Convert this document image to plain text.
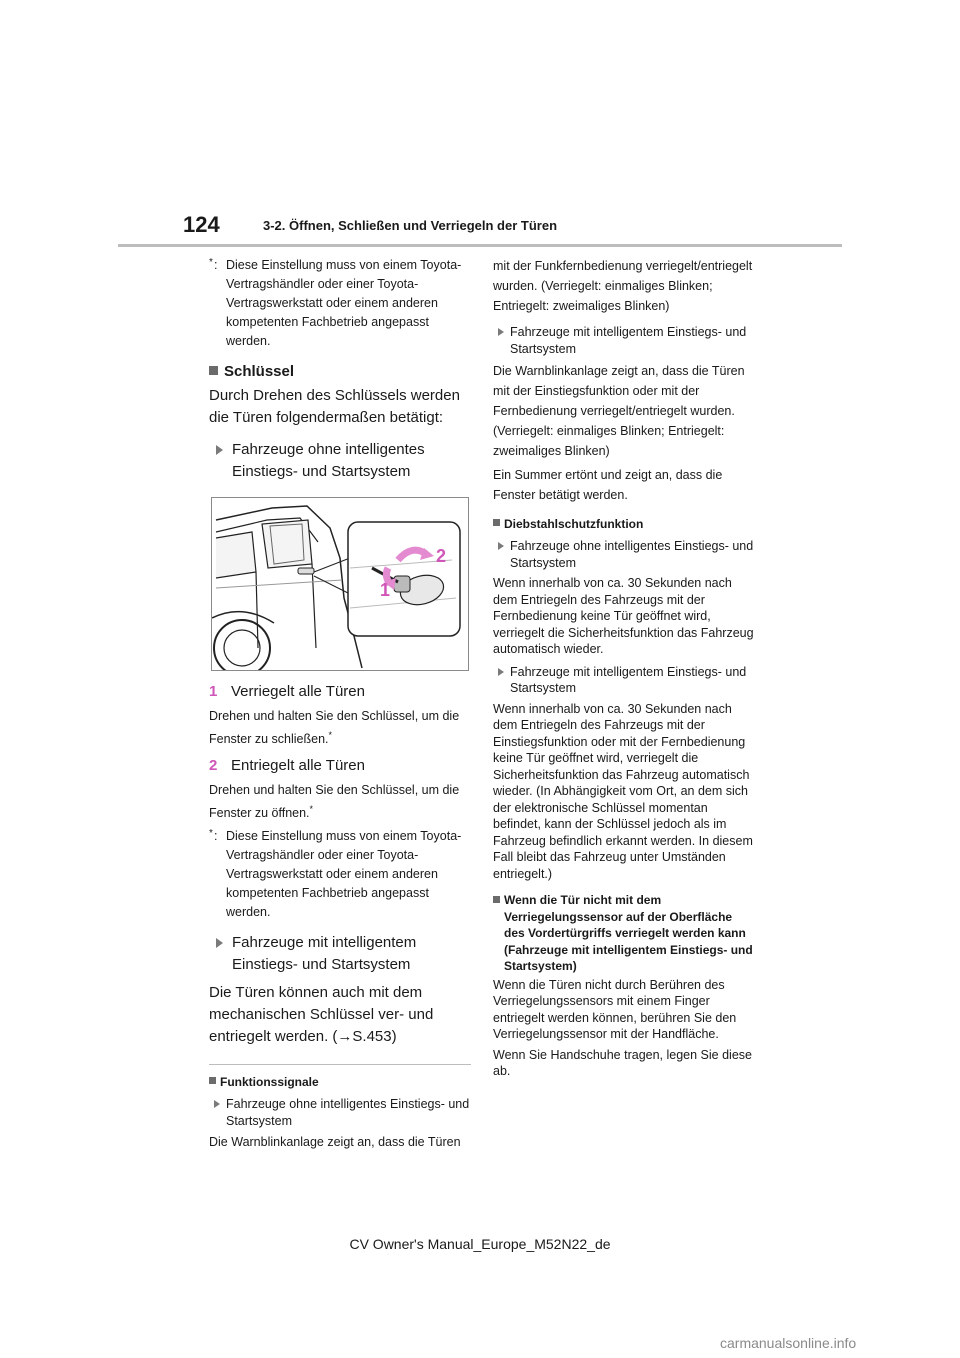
124	3-2. Öffnen, Schließen und Verriegeln der Türen
* : Diese Einstellung muss von einem Toyota-Vertragshändler oder einer Toyota-Vertragswerkstatt oder einem anderen kompetenten Fachbetrieb angepasst werden.
Schlüssel

Durch Drehen des Schlüssels werden die Türen folgendermaßen betätigt:

Fahrzeuge ohne intelligentes Einstiegs- und Startsystem
2
1
1 Verriegelt alle Türen

Drehen und halten Sie den Schlüssel, um die Fenster zu schließen.*

2 Entriegelt alle Türen

Drehen und halten Sie den Schlüssel, um die Fenster zu öffnen.*

* : Diese Einstellung muss von einem Toyota-Vertragshändler oder einer Toyota-Vertragswerkstatt oder einem anderen kompetenten Fachbetrieb angepasst werden.
Fahrzeuge mit intelligentem Einstiegs- und Startsystem

Die Türen können auch mit dem mechanischen Schlüssel ver- und entriegelt werden. (→S.453)

Funktionssignale
Fahrzeuge ohne intelligentes Einstiegs- und Startsystem

Die Warnblinkanlage zeigt an, dass die Türen

mit der Funkfernbedienung verriegelt/entriegelt wurden. (Verriegelt: einmaliges Blinken; Entriegelt: zweimaliges Blinken)

Fahrzeuge mit intelligentem Einstiegs- und Startsystem

Die Warnblinkanlage zeigt an, dass die Türen mit der Einstiegsfunktion oder mit der Fernbedienung verriegelt/entriegelt wurden. (Verriegelt: einmaliges Blinken; Entriegelt: zweimaliges Blinken)

Ein Summer ertönt und zeigt an, dass die Fenster betätigt werden.

Diebstahlschutzfunktion
Fahrzeuge ohne intelligentes Einstiegs- und Startsystem

Wenn innerhalb von ca. 30 Sekunden nach dem Entriegeln des Fahrzeugs mit der Fernbedienung keine Tür geöffnet wird, verriegelt die Sicherheitsfunktion das Fahrzeug automatisch wieder.

Fahrzeuge mit intelligentem Einstiegs- und Startsystem

Wenn innerhalb von ca. 30 Sekunden nach dem Entriegeln des Fahrzeugs mit der Einstiegsfunktion oder mit der Fernbedienung keine Tür geöffnet wird, verriegelt die Sicherheitsfunktion das Fahrzeug automatisch wieder. (In Abhängigkeit vom Ort, an dem sich der elektronische Schlüssel momentan befindet, kann der Schlüssel jedoch als im Fahrzeug befindlich erkannt werden. In diesem Fall bleibt das Fahrzeug unter Umständen entriegelt.)

Wenn die Tür nicht mit dem Verriegelungssensor auf der Oberfläche des Vordertürgriffs verriegelt werden kann (Fahrzeuge mit intelligentem Einstiegs- und Startsystem)

Wenn die Türen nicht durch Berühren des Verriegelungssensors mit einem Finger entriegelt werden können, berühren Sie den Verriegelungssensor mit der Handfläche.

Wenn Sie Handschuhe tragen, legen Sie diese ab.

CV Owner's Manual_Europe_M52N22_de
carmanualsonline.info
